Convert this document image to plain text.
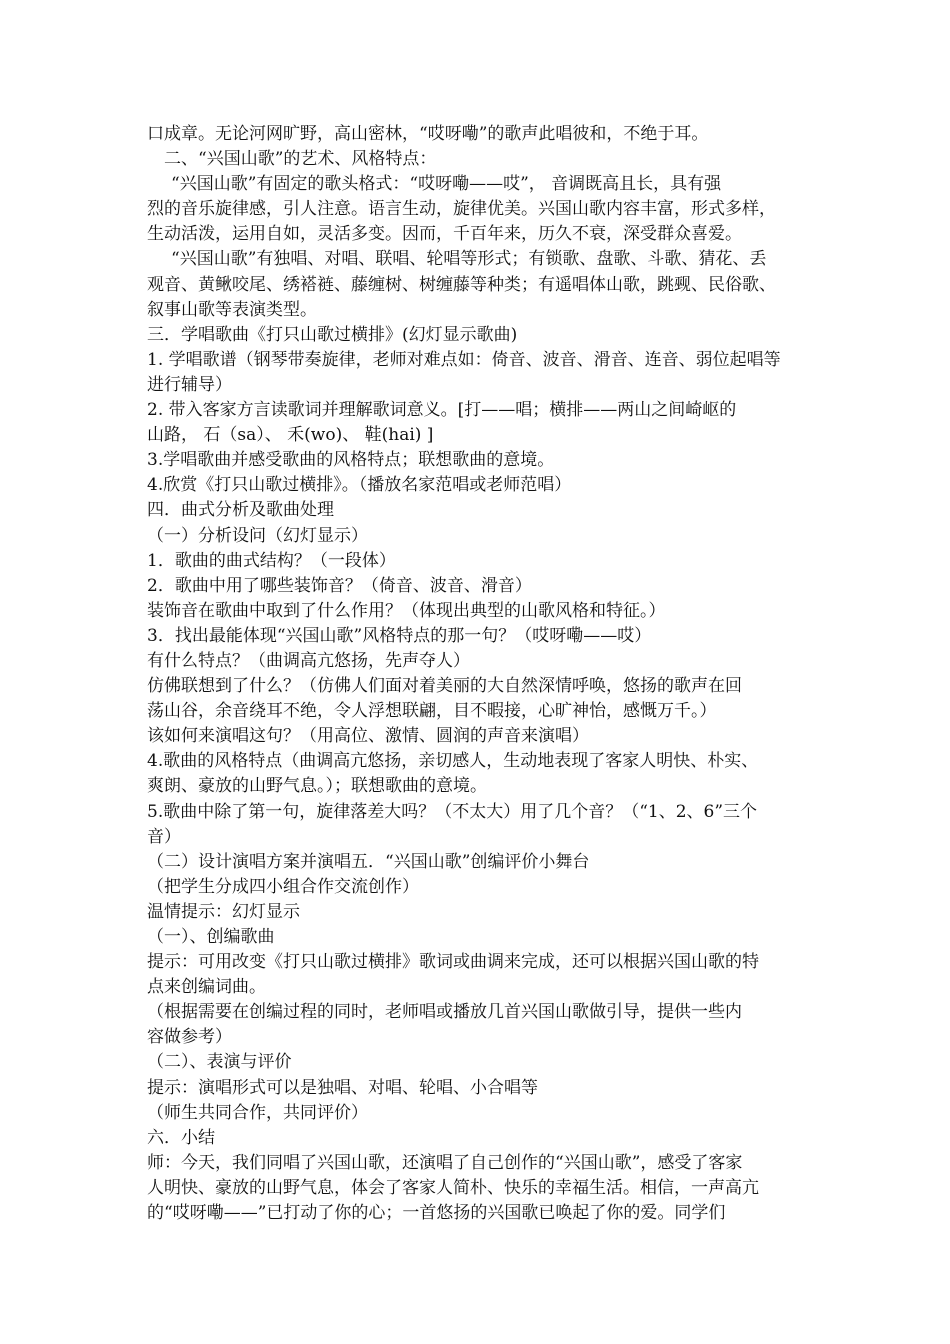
口成章。无论河网旷野，高山密林，“哎呀嘞”的歌声此唱彼和，不绝于耳。
二、“兴国山歌”的艺术、风格特点：
“兴国山歌”有固定的歌头格式：“哎呀嘞——哎”， 音调既高且长，具有强
烈的音乐旋律感，引人注意。语言生动，旋律优美。兴国山歌内容丰富，形式多样，
生动活泼，运用自如，灵活多变。因而，千百年来，历久不衰，深受群众喜爱。
“兴国山歌”有独唱、对唱、联唱、轮唱等形式；有锁歌、盘歌、斗歌、猜花、丢
观音、黄鳅咬尾、绣褡裢、藤缠树、树缠藤等种类；有遥唱体山歌，跳觋、民俗歌、
叙事山歌等表演类型。
三．学唱歌曲《打只山歌过横排》(幻灯显示歌曲)
1. 学唱歌谱（钢琴带奏旋律，老师对难点如：倚音、波音、滑音、连音、弱位起唱等
进行辅导）
2. 带入客家方言读歌词并理解歌词意义。[打——唱；横排——两山之间崎岖的
山路， 石（sa）、 禾(wo)、 鞋(hai) ]
3.学唱歌曲并感受歌曲的风格特点；联想歌曲的意境。
4.欣赏《打只山歌过横排》。（播放名家范唱或老师范唱）
四．曲式分析及歌曲处理
（一）分析设问（幻灯显示）
1．歌曲的曲式结构？（一段体）
2．歌曲中用了哪些装饰音？（倚音、波音、滑音）
装饰音在歌曲中取到了什么作用？（体现出典型的山歌风格和特征。）
3．找出最能体现“兴国山歌”风格特点的那一句？（哎呀嘞——哎）
有什么特点？（曲调高亢悠扬，先声夺人）
仿佛联想到了什么？（仿佛人们面对着美丽的大自然深情呼唤，悠扬的歌声在回
荡山谷，余音绕耳不绝，令人浮想联翩，目不暇接，心旷神怡，感慨万千。）
该如何来演唱这句？（用高位、激情、圆润的声音来演唱）
4.歌曲的风格特点（曲调高亢悠扬，亲切感人，生动地表现了客家人明快、朴实、
爽朗、豪放的山野气息。）；联想歌曲的意境。
5.歌曲中除了第一句，旋律落差大吗？（不太大）用了几个音？（“1、2、6”三个
音）
（二）设计演唱方案并演唱五．“兴国山歌”创编评价小舞台
（把学生分成四小组合作交流创作）
温情提示：幻灯显示
（一）、创编歌曲
提示：可用改变《打只山歌过横排》歌词或曲调来完成，还可以根据兴国山歌的特
点来创编词曲。
（根据需要在创编过程的同时，老师唱或播放几首兴国山歌做引导，提供一些内
容做参考）
（二）、表演与评价
提示：演唱形式可以是独唱、对唱、轮唱、小合唱等
（师生共同合作，共同评价）
六．小结
师：今天，我们同唱了兴国山歌，还演唱了自己创作的“兴国山歌”，感受了客家
人明快、豪放的山野气息，体会了客家人简朴、快乐的幸福生活。相信，一声高亢
的“哎呀嘞——”已打动了你的心；一首悠扬的兴国歌已唤起了你的爱。同学们
